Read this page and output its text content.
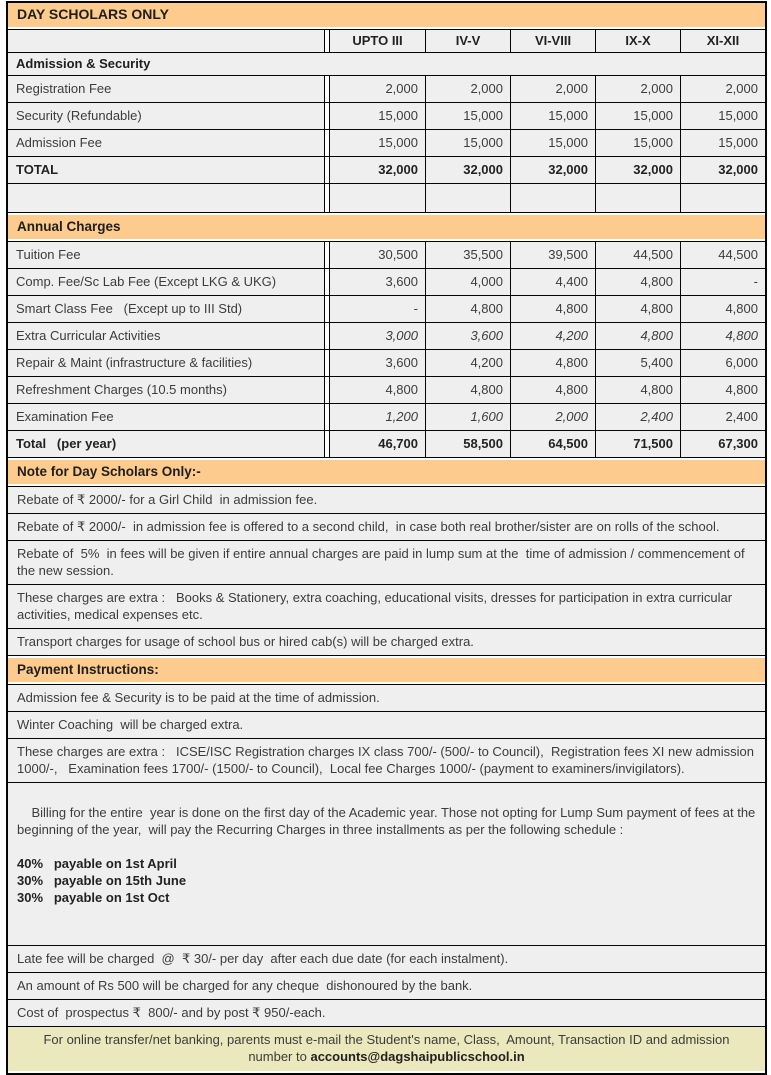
DAY SCHOLARS ONLY
UPTO III	IV-V	VI-VIII	IX-X	XI-XII
Admission & Security
Registration Fee	2,000	2,000	2,000	2,000	2,000
Security (Refundable)	15,000	15,000	15,000	15,000	15,000
Admission Fee	15,000	15,000	15,000	15,000	15,000
TOTAL	32,000	32,000	32,000	32,000	32,000
Annual Charges
Tuition Fee	30,500	35,500	39,500	44,500	44,500
Comp. Fee/Sc Lab Fee (Except LKG & UKG)	3,600	4,000	4,400	4,800	-
Smart Class Fee   (Except up to III Std)	-	4,800	4,800	4,800	4,800
Extra Curricular Activities	3,000	3,600	4,200	4,800	4,800
Repair & Maint (infrastructure & facilities)	3,600	4,200	4,800	5,400	6,000
Refreshment Charges (10.5 months)	4,800	4,800	4,800	4,800	4,800
Examination Fee	1,200	1,600	2,000	2,400	2,400
Total   (per year)	46,700	58,500	64,500	71,500	67,300
Note for Day Scholars Only:-
Rebate of ₹ 2000/- for a Girl Child  in admission fee.
Rebate of ₹ 2000/-  in admission fee is offered to a second child,  in case both real brother/sister are on rolls of the school.
Rebate of  5%  in fees will be given if entire annual charges are paid in lump sum at the  time of admission / commencement of the new session.
These charges are extra :   Books & Stationery, extra coaching, educational visits, dresses for participation in extra curricular activities, medical expenses etc.
Transport charges for usage of school bus or hired cab(s) will be charged extra.
Payment Instructions:
Admission fee & Security is to be paid at the time of admission.
Winter Coaching  will be charged extra.
These charges are extra :   ICSE/ISC Registration charges IX class 700/- (500/- to Council),  Registration fees XI new admission 1000/-,   Examination fees 1700/- (1500/- to Council),  Local fee Charges 1000/- (payment to examiners/invigilators).

Billing for the entire  year is done on the first day of the Academic year. Those not opting for Lump Sum payment of fees at the beginning of the year,  will pay the Recurring Charges in three installments as per the following schedule :

40%   payable on 1st April
30%   payable on 15th June
30%   payable on 1st Oct

Late fee will be charged  @  ₹ 30/- per day  after each due date (for each instalment).
An amount of Rs 500 will be charged for any cheque  dishonoured by the bank.
Cost of  prospectus ₹  800/- and by post ₹ 950/-each.
For online transfer/net banking, parents must e-mail the Student's name, Class,  Amount, Transaction ID and admission number to accounts@dagshaipublicschool.in
